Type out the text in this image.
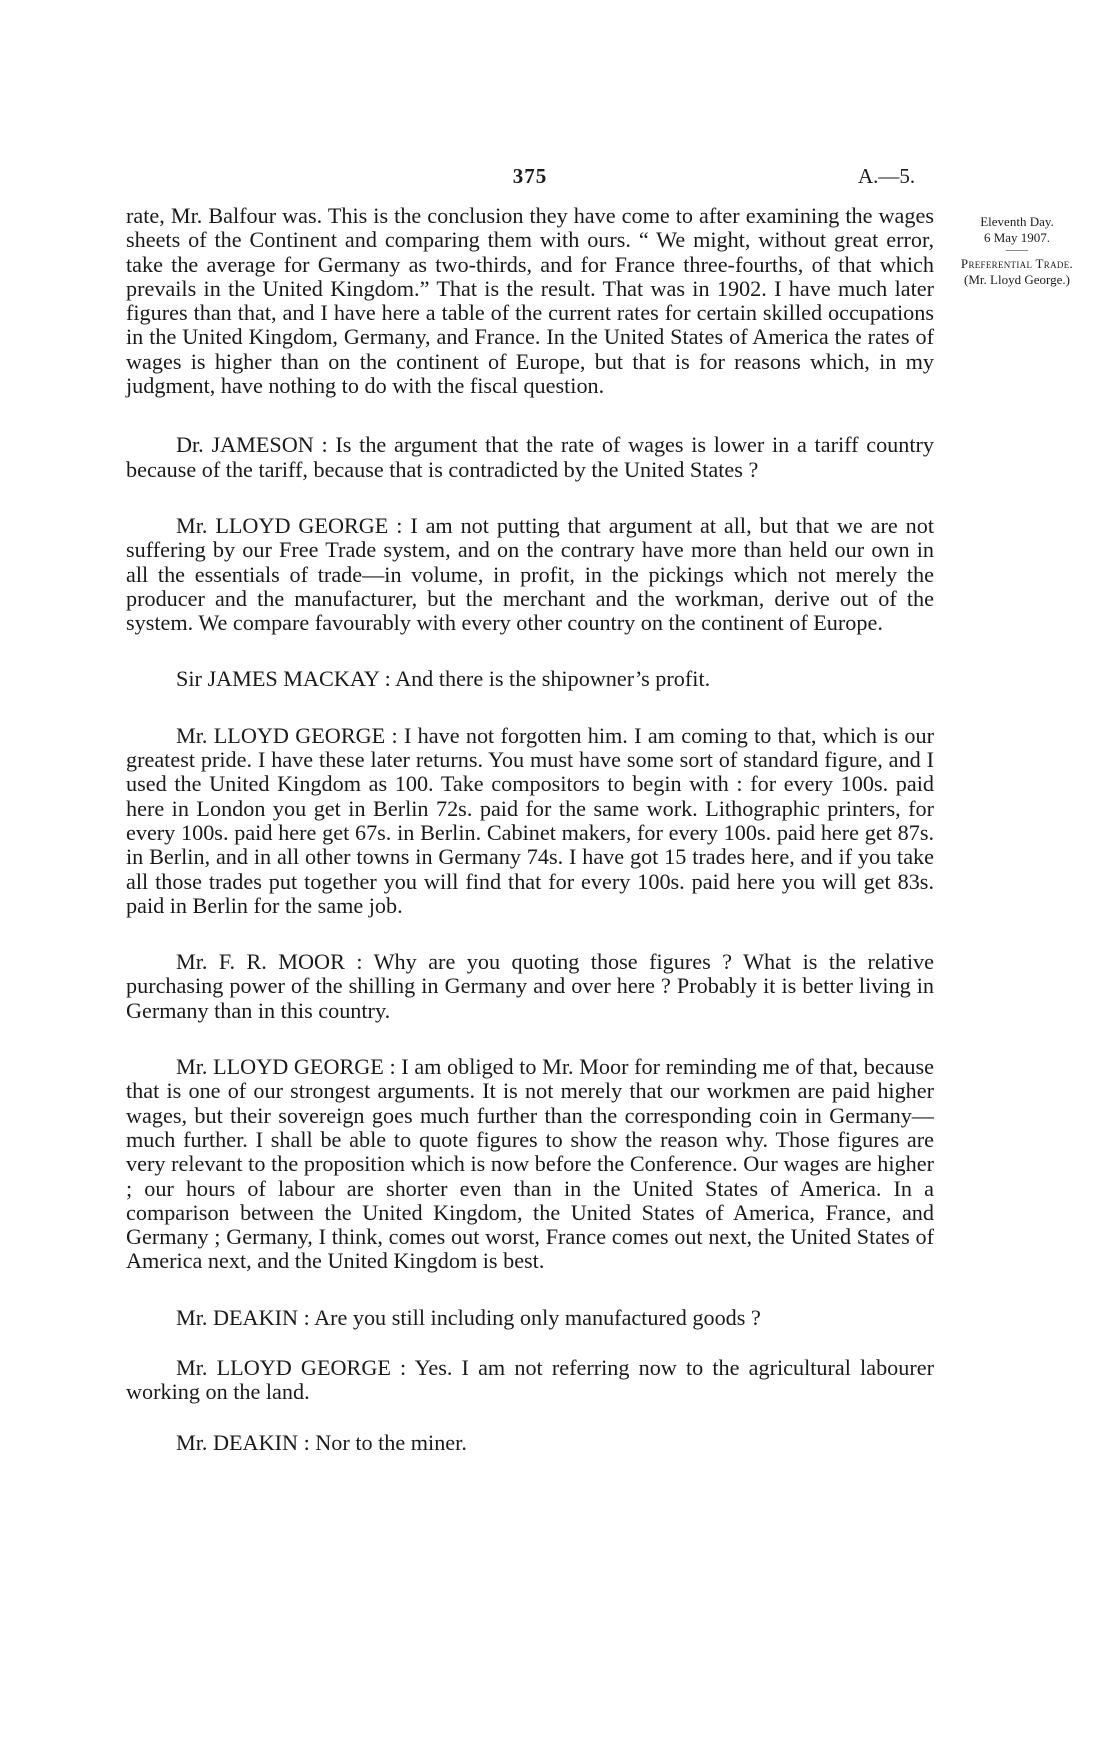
375	A.—5.
Eleventh Day.
6 May 1907.
——
Preferential Trade.
(Mr. Lloyd George.)

rate, Mr. Balfour was. This is the conclusion they have come to after examining the wages sheets of the Continent and comparing them with ours. “ We might, without great error, take the average for Germany as two-thirds, and for France three-fourths, of that which prevails in the United Kingdom.” That is the result. That was in 1902. I have much later figures than that, and I have here a table of the current rates for certain skilled occupations in the United Kingdom, Germany, and France. In the United States of America the rates of wages is higher than on the continent of Europe, but that is for reasons which, in my judgment, have nothing to do with the fiscal question.

Dr. JAMESON : Is the argument that the rate of wages is lower in a tariff country because of the tariff, because that is contradicted by the United States ?

Mr. LLOYD GEORGE : I am not putting that argument at all, but that we are not suffering by our Free Trade system, and on the contrary have more than held our own in all the essentials of trade—in volume, in profit, in the pickings which not merely the producer and the manufacturer, but the merchant and the workman, derive out of the system. We compare favourably with every other country on the continent of Europe.

Sir JAMES MACKAY : And there is the shipowner’s profit.

Mr. LLOYD GEORGE : I have not forgotten him. I am coming to that, which is our greatest pride. I have these later returns. You must have some sort of standard figure, and I used the United Kingdom as 100. Take compositors to begin with : for every 100s. paid here in London you get in Berlin 72s. paid for the same work. Lithographic printers, for every 100s. paid here get 67s. in Berlin. Cabinet makers, for every 100s. paid here get 87s. in Berlin, and in all other towns in Germany 74s. I have got 15 trades here, and if you take all those trades put together you will find that for every 100s. paid here you will get 83s. paid in Berlin for the same job.

Mr. F. R. MOOR : Why are you quoting those figures ? What is the relative purchasing power of the shilling in Germany and over here ? Probably it is better living in Germany than in this country.

Mr. LLOYD GEORGE : I am obliged to Mr. Moor for reminding me of that, because that is one of our strongest arguments. It is not merely that our workmen are paid higher wages, but their sovereign goes much further than the corresponding coin in Germany—much further. I shall be able to quote figures to show the reason why. Those figures are very relevant to the proposition which is now before the Conference. Our wages are higher ; our hours of labour are shorter even than in the United States of America. In a comparison between the United Kingdom, the United States of America, France, and Germany ; Germany, I think, comes out worst, France comes out next, the United States of America next, and the United Kingdom is best.

Mr. DEAKIN : Are you still including only manufactured goods ?

Mr. LLOYD GEORGE : Yes. I am not referring now to the agricultural labourer working on the land.

Mr. DEAKIN : Nor to the miner.
